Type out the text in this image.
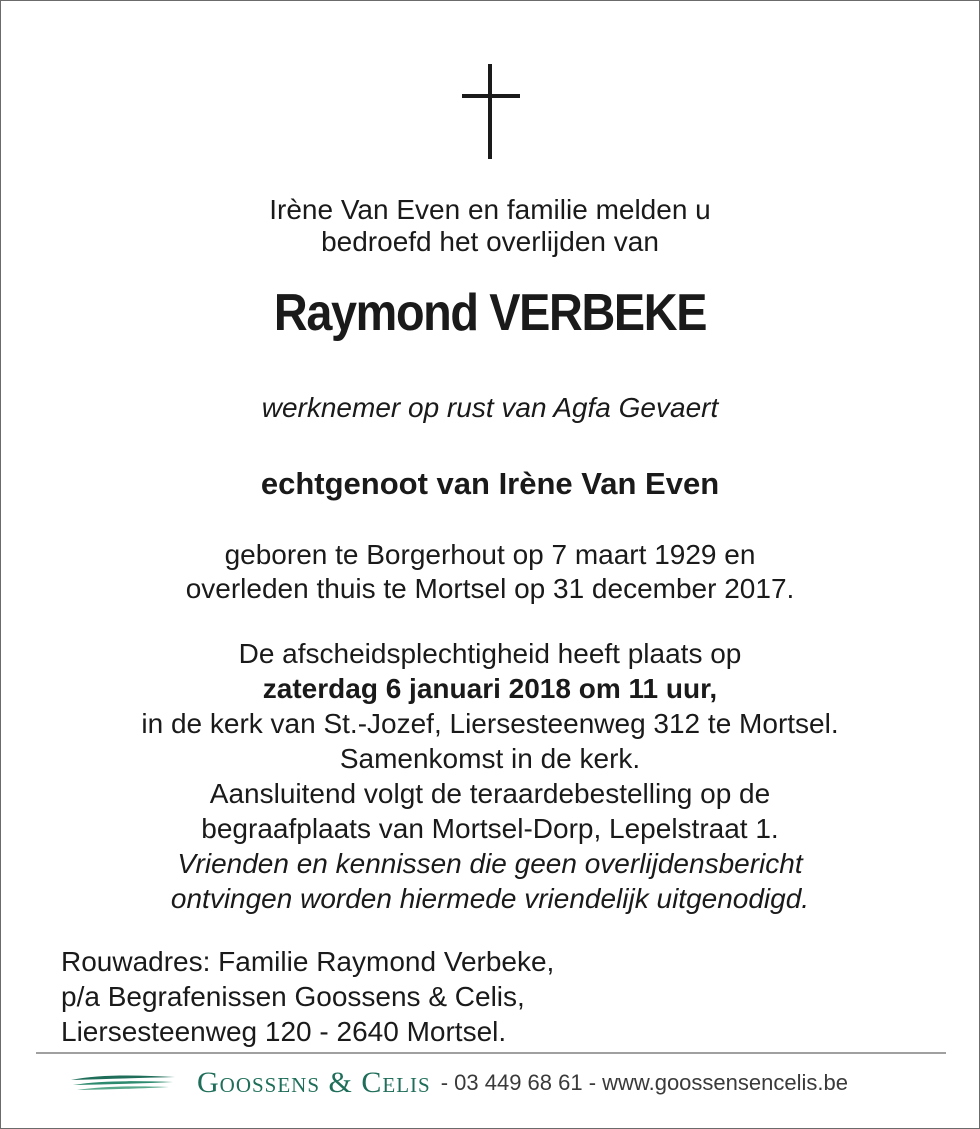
Irène Van Even en familie melden u
bedroefd het overlijden van
Raymond VERBEKE
werknemer op rust van Agfa Gevaert
echtgenoot van Irène Van Even
geboren te Borgerhout op 7 maart 1929 en
overleden thuis te Mortsel op 31 december 2017.
De afscheidsplechtigheid heeft plaats op
zaterdag 6 januari 2018 om 11 uur,
in de kerk van St.-Jozef, Liersesteenweg 312 te Mortsel.
Samenkomst in de kerk.
Aansluitend volgt de teraardebestelling op de
begraafplaats van Mortsel-Dorp, Lepelstraat 1.
Vrienden en kennissen die geen overlijdensbericht
ontvingen worden hiermede vriendelijk uitgenodigd.
Rouwadres: Familie Raymond Verbeke,
p/a Begrafenissen Goossens & Celis,
Liersesteenweg 120 - 2640 Mortsel.
Goossens & Celis - 03 449 68 61 - www.goossensencelis.be
